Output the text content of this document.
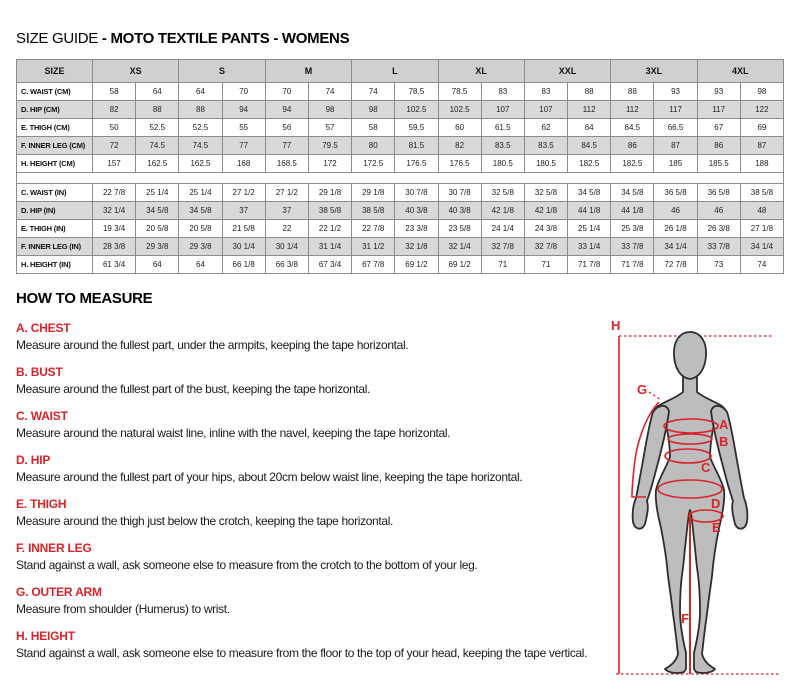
SIZE GUIDE - MOTO TEXTILE PANTS - WOMENS
SIZE	XS		S		M		L		XL		XXL		3XL		4XL	
C. WAIST (CM)	58	64	64	70	70	74	74	78.5	78.5	83	83	88	88	93	93	98
D. HIP (CM)	82	88	88	94	94	98	98	102.5	102.5	107	107	112	112	117	117	122
E. THIGH (CM)	50	52.5	52.5	55	56	57	58	59.5	60	61.5	62	64	64.5	66.5	67	69
F. INNER LEG (CM)	72	74.5	74.5	77	77	79.5	80	81.5	82	83.5	83.5	84.5	86	87	86	87
H. HEIGHT (CM)	157	162.5	162.5	168	168.5	172	172.5	176.5	176.5	180.5	180.5	182.5	182.5	185	185.5	188

C. WAIST (IN)	22 7/8	25 1/4	25 1/4	27 1/2	27 1/2	29 1/8	29 1/8	30 7/8	30 7/8	32 5/8	32 5/8	34 5/8	34 5/8	36 5/8	36 5/8	38 5/8
D. HIP (IN)	32 1/4	34 5/8	34 5/8	37	37	38 5/8	38 5/8	40 3/8	40 3/8	42 1/8	42 1/8	44 1/8	44 1/8	46	46	48
E. THIGH (IN)	19 3/4	20 5/8	20 5/8	21 5/8	22	22 1/2	22 7/8	23 3/8	23 5/8	24 1/4	24 3/8	25 1/4	25 3/8	26 1/8	26 3/8	27 1/8
F. INNER LEG (IN)	28 3/8	29 3/8	29 3/8	30 1/4	30 1/4	31 1/4	31 1/2	32 1/8	32 1/4	32 7/8	32 7/8	33 1/4	33 7/8	34 1/4	33 7/8	34 1/4
H. HEIGHT (IN)	61 3/4	64	64	66 1/8	66 3/8	67 3/4	67 7/8	69 1/2	69 1/2	71	71	71 7/8	71 7/8	72 7/8	73	74
HOW TO MEASURE
A. CHEST

Measure around the fullest part, under the armpits, keeping the tape horizontal.

B. BUST

Measure around the fullest part of the bust, keeping the tape horizontal.

C. WAIST

Measure around the natural waist line, inline with the navel, keeping the tape horizontal.

D. HIP

Measure around the fullest part of your hips, about 20cm below waist line, keeping the tape horizontal.

E. THIGH

Measure around the thigh just below the crotch, keeping the tape horizontal.

F. INNER LEG

Stand against a wall, ask someone else to measure from the crotch to the bottom of your leg.

G. OUTER ARM

Measure from shoulder (Humerus) to wrist.

H. HEIGHT

Stand against a wall, ask someone else to measure from the floor to the top of your head, keeping the tape vertical.

A
B
C
D
E
F
G
H
